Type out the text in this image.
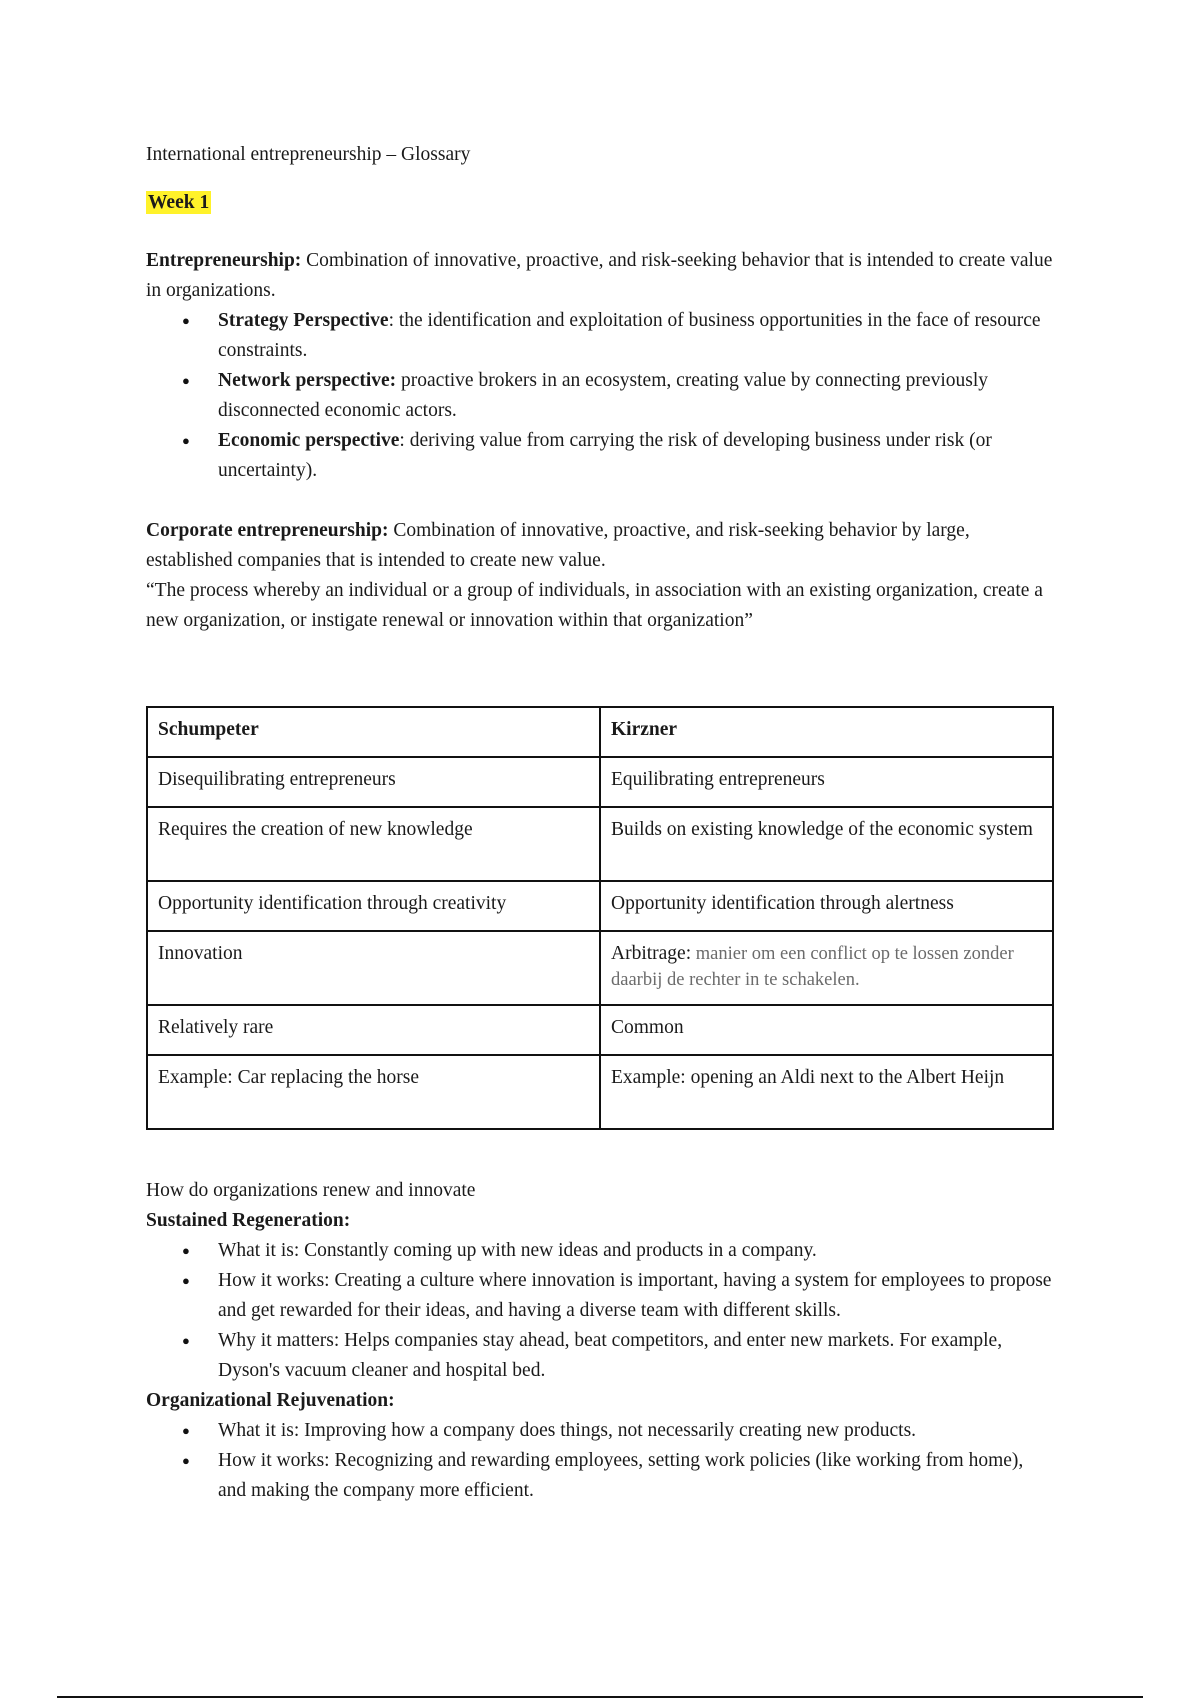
International entrepreneurship – Glossary

Week 1

Entrepreneurship: Combination of innovative, proactive, and risk-seeking behavior that is intended to create value in organizations.

● Strategy Perspective: the identification and exploitation of business opportunities in the face of resource constraints.
● Network perspective: proactive brokers in an ecosystem, creating value by connecting previously disconnected economic actors.
● Economic perspective: deriving value from carrying the risk of developing business under risk (or uncertainty).

Corporate entrepreneurship: Combination of innovative, proactive, and risk-seeking behavior by large, established companies that is intended to create new value.

“The process whereby an individual or a group of individuals, in association with an existing organization, create a new organization, or instigate renewal or innovation within that organization”

Schumpeter	Kirzner
Disequilibrating entrepreneurs	Equilibrating entrepreneurs
Requires the creation of new knowledge	Builds on existing knowledge of the economic system
Opportunity identification through creativity	Opportunity identification through alertness
Innovation	Arbitrage: manier om een conflict op te lossen zonder daarbij de rechter in te schakelen.
Relatively rare	Common
Example: Car replacing the horse	Example: opening an Aldi next to the Albert Heijn

How do organizations renew and innovate

Sustained Regeneration:

● What it is: Constantly coming up with new ideas and products in a company.
● How it works: Creating a culture where innovation is important, having a system for employees to propose and get rewarded for their ideas, and having a diverse team with different skills.
● Why it matters: Helps companies stay ahead, beat competitors, and enter new markets. For example, Dyson's vacuum cleaner and hospital bed.

Organizational Rejuvenation:

● What it is: Improving how a company does things, not necessarily creating new products.
● How it works: Recognizing and rewarding employees, setting work policies (like working from home), and making the company more efficient.
